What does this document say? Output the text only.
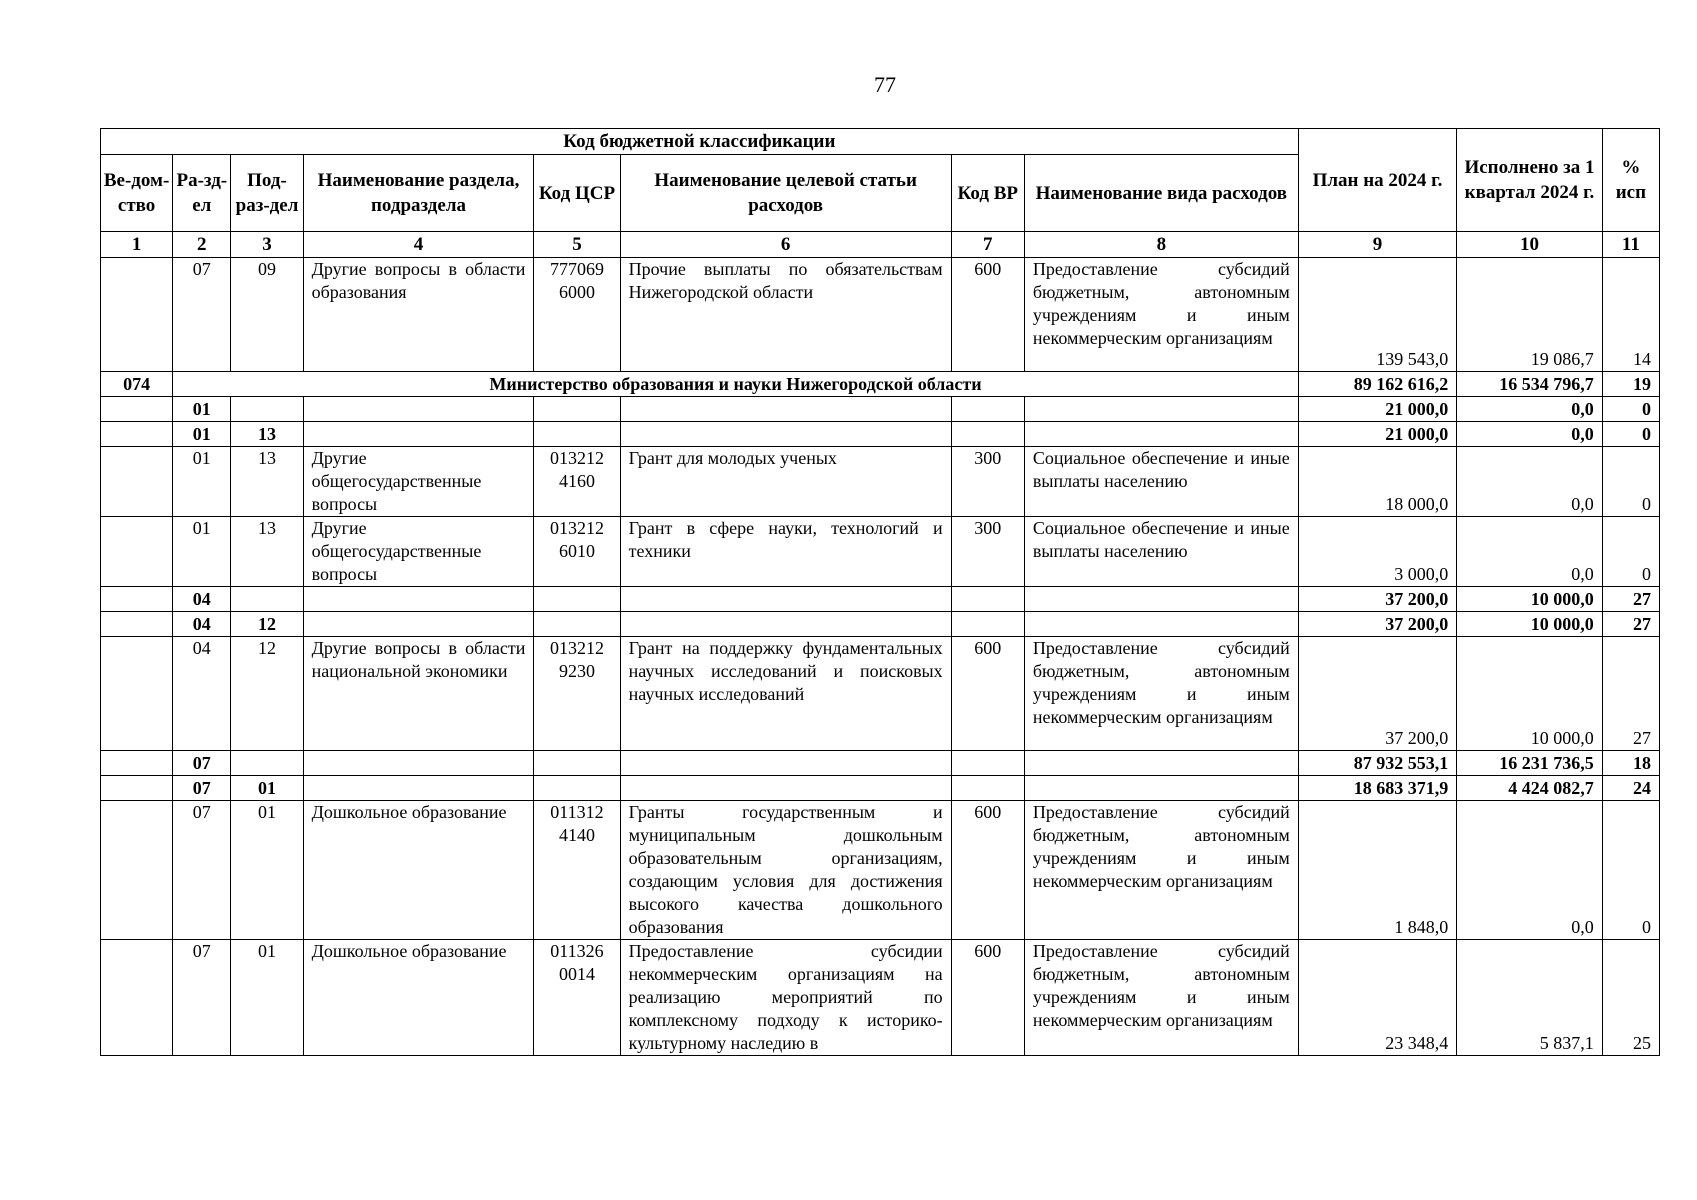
77
Код бюджетной классификации								План на 2024 г.	Исполнено за 1 квартал 2024 г.	% исп
Ве-дом-ство	Ра-зд-ел	Под-раз-дел	Наименование раздела, подраздела	Код ЦСР	Наименование целевой статьи расходов	Код ВР	Наименование вида расходов			
1	2	3	4	5	6	7	8	9	10	11
	07	09	Другие вопросы в области образования	777069 6000	Прочие выплаты по обязательствам Нижегородской области	600	Предоставление субсидий бюджетным, автономным учреждениям и иным некоммерческим организациям	139 543,0	19 086,7	14
074	Министерство образования и науки Нижегородской области							89 162 616,2	16 534 796,7	19
	01							21 000,0	0,0	0
	01	13						21 000,0	0,0	0
	01	13	Другие общегосударственные вопросы	013212 4160	Грант для молодых ученых	300	Социальное обеспечение и иные выплаты населению	18 000,0	0,0	0
	01	13	Другие общегосударственные вопросы	013212 6010	Грант в сфере науки, технологий и техники	300	Социальное обеспечение и иные выплаты населению	3 000,0	0,0	0
	04							37 200,0	10 000,0	27
	04	12						37 200,0	10 000,0	27
	04	12	Другие вопросы в области национальной экономики	013212 9230	Грант на поддержку фундаментальных научных исследований и поисковых научных исследований	600	Предоставление субсидий бюджетным, автономным учреждениям и иным некоммерческим организациям	37 200,0	10 000,0	27
	07							87 932 553,1	16 231 736,5	18
	07	01						18 683 371,9	4 424 082,7	24
	07	01	Дошкольное образование	011312 4140	Гранты государственным и муниципальным дошкольным образовательным организациям, создающим условия для достижения высокого качества дошкольного образования	600	Предоставление субсидий бюджетным, автономным учреждениям и иным некоммерческим организациям	1 848,0	0,0	0
	07	01	Дошкольное образование	011326 0014	Предоставление субсидии некоммерческим организациям на реализацию мероприятий по комплексному подходу к историко-культурному наследию в	600	Предоставление субсидий бюджетным, автономным учреждениям и иным некоммерческим организациям	23 348,4	5 837,1	25
